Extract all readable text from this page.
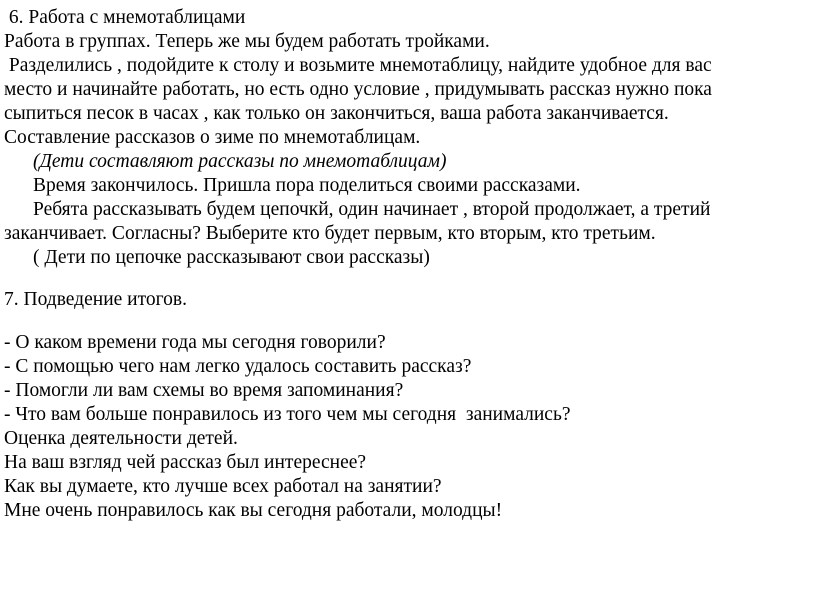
6. Работа с мнемотаблицами
Работа в группах. Теперь же мы будем работать тройками.
Разделились , подойдите к столу и возьмите мнемотаблицу, найдите удобное для вас
место и начинайте работать, но есть одно условие , придумывать рассказ нужно пока
сыпиться песок в часах , как только он закончиться, ваша работа заканчивается.
Составление рассказов о зиме по мнемотаблицам.
(Дети составляют рассказы по мнемотаблицам)
Время закончилось. Пришла пора поделиться своими рассказами.
Ребята рассказывать будем цепочкй, один начинает , второй продолжает, а третий
заканчивает. Согласны? Выберите кто будет первым, кто вторым, кто третьим.
( Дети по цепочке рассказывают свои рассказы)
7. Подведение итогов.
- О каком времени года мы сегодня говорили?
- С помощью чего нам легко удалось составить рассказ?
- Помогли ли вам схемы во время запоминания?
- Что вам больше понравилось из того чем мы сегодня  занимались?
Оценка деятельности детей.
На ваш взгляд чей рассказ был интереснее?
Как вы думаете, кто лучше всех работал на занятии?
Мне очень понравилось как вы сегодня работали, молодцы!
